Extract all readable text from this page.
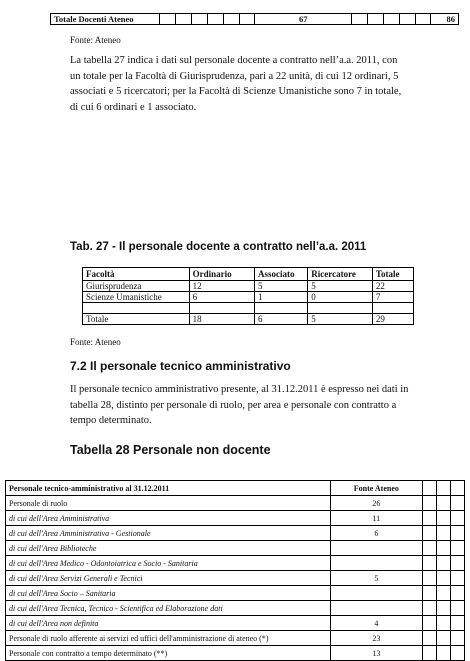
Totale Docenti Ateneo							67						86
Fonte: Ateneo
La tabella 27 indica i dati sul personale docente a contratto nell’a.a. 2011, con un totale per la Facoltà di Giurisprudenza, pari a 22 unità, di cui 12 ordinari, 5 associati e 5 ricercatori; per la Facoltà di Scienze Umanistiche sono 7 in totale, di cui 6 ordinari e 1 associato.
Tab. 27 - Il personale docente a contratto nell’a.a. 2011
Facoltà	Ordinario	Associato	Ricercatore	Totale
Giurisprudenza	12	5	5	22
Scienze Umanistiche	6	1	0	7

Totale	18	6	5	29
Fonte: Ateneo
7.2 Il personale tecnico amministrativo
Il personale tecnico amministrativo presente, al 31.12.2011 è espresso nei dati in tabella 28, distinto per personale di ruolo, per area e personale con contratto a tempo determinato.
Tabella 28 Personale non docente
Personale tecnico-amministrativo al 31.12.2011	Fonte Ateneo			
Personale di ruolo	26			
di cui dell'Area Amministrativa	11			
di cui dell'Area Amministrativa - Gestionale	6			
di cui dell'Area Biblioteche				
di cui dell'Area Medico - Odontoiatrica e Socio - Sanitaria				
di cui dell'Area Servizi Generali e Tecnici	5			
di cui dell'Area Socio – Sanitaria				
di cui dell'Area Tecnica, Tecnico - Scientifica ed Elaborazione dati				
di cui dell'Area non definita	4			
Personale di ruolo afferente ai servizi ed uffici dell'amministrazione di ateneo (*)	23			
Personale con contratto a tempo determinato (**)	13			
